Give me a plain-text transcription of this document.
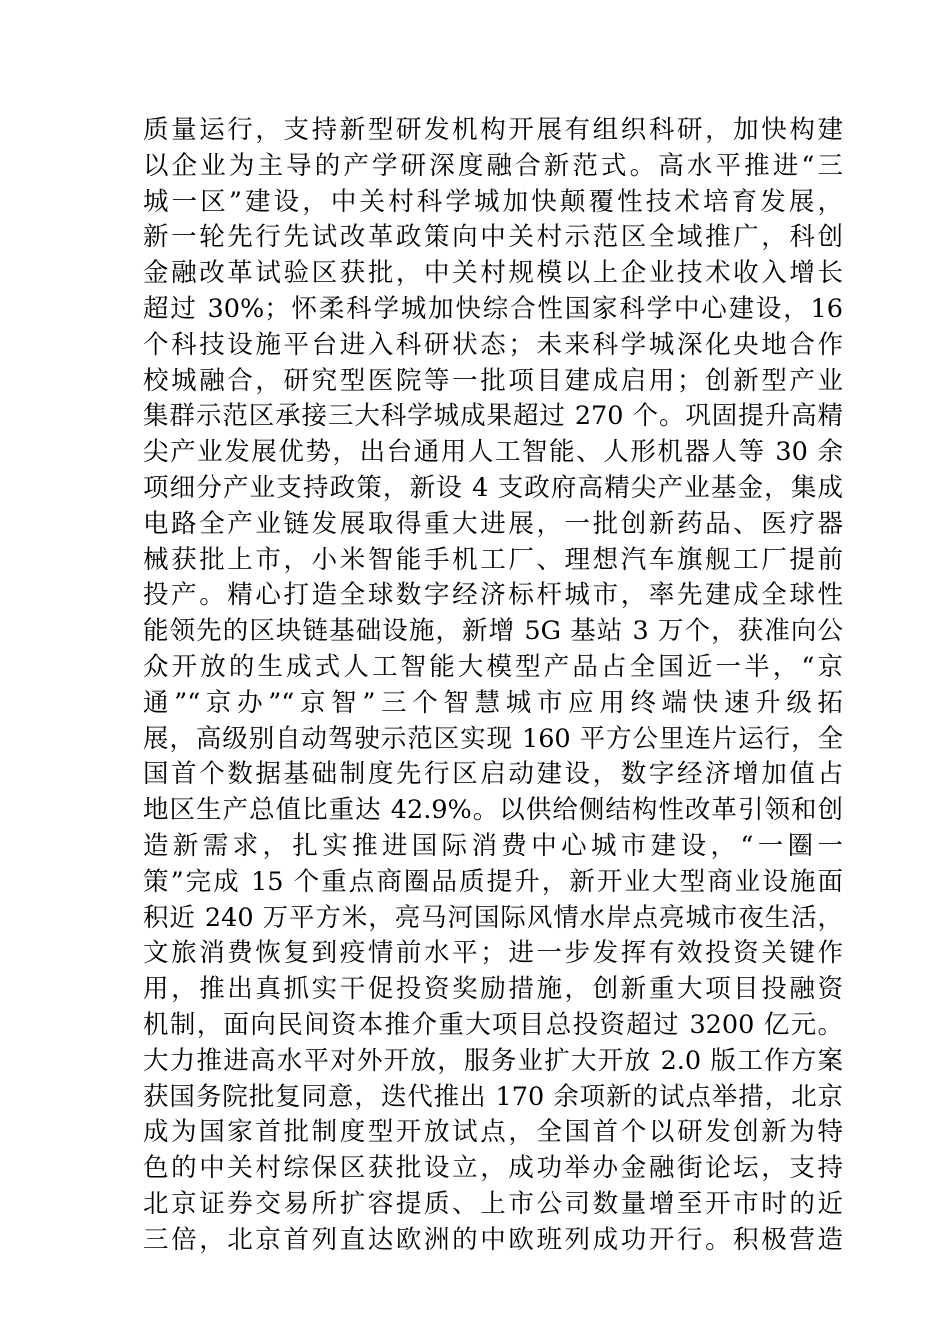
质量运行，支持新型研发机构开展有组织科研，加快构建
以企业为主导的产学研深度融合新范式。高水平推进“三
城一区”建设，中关村科学城加快颠覆性技术培育发展，
新一轮先行先试改革政策向中关村示范区全域推广，科创
金融改革试验区获批，中关村规模以上企业技术收入增长
超过 30%；怀柔科学城加快综合性国家科学中心建设，16
个科技设施平台进入科研状态；未来科学城深化央地合作
校城融合，研究型医院等一批项目建成启用；创新型产业
集群示范区承接三大科学城成果超过 270 个。巩固提升高精
尖产业发展优势，出台通用人工智能、人形机器人等 30 余
项细分产业支持政策，新设 4 支政府高精尖产业基金，集成
电路全产业链发展取得重大进展，一批创新药品、医疗器
械获批上市，小米智能手机工厂、理想汽车旗舰工厂提前
投产。精心打造全球数字经济标杆城市，率先建成全球性
能领先的区块链基础设施，新增 5G 基站 3 万个，获准向公
众开放的生成式人工智能大模型产品占全国近一半，“京
通”“京办”“京智”三个智慧城市应用终端快速升级拓
展，高级别自动驾驶示范区实现 160 平方公里连片运行，全
国首个数据基础制度先行区启动建设，数字经济增加值占
地区生产总值比重达 42.9%。以供给侧结构性改革引领和创
造新需求，扎实推进国际消费中心城市建设，“一圈一
策”完成 15 个重点商圈品质提升，新开业大型商业设施面
积近 240 万平方米，亮马河国际风情水岸点亮城市夜生活，
文旅消费恢复到疫情前水平；进一步发挥有效投资关键作
用，推出真抓实干促投资奖励措施，创新重大项目投融资
机制，面向民间资本推介重大项目总投资超过 3200 亿元。
大力推进高水平对外开放，服务业扩大开放 2.0 版工作方案
获国务院批复同意，迭代推出 170 余项新的试点举措，北京
成为国家首批制度型开放试点，全国首个以研发创新为特
色的中关村综保区获批设立，成功举办金融街论坛，支持
北京证券交易所扩容提质、上市公司数量增至开市时的近
三倍，北京首列直达欧洲的中欧班列成功开行。积极营造
